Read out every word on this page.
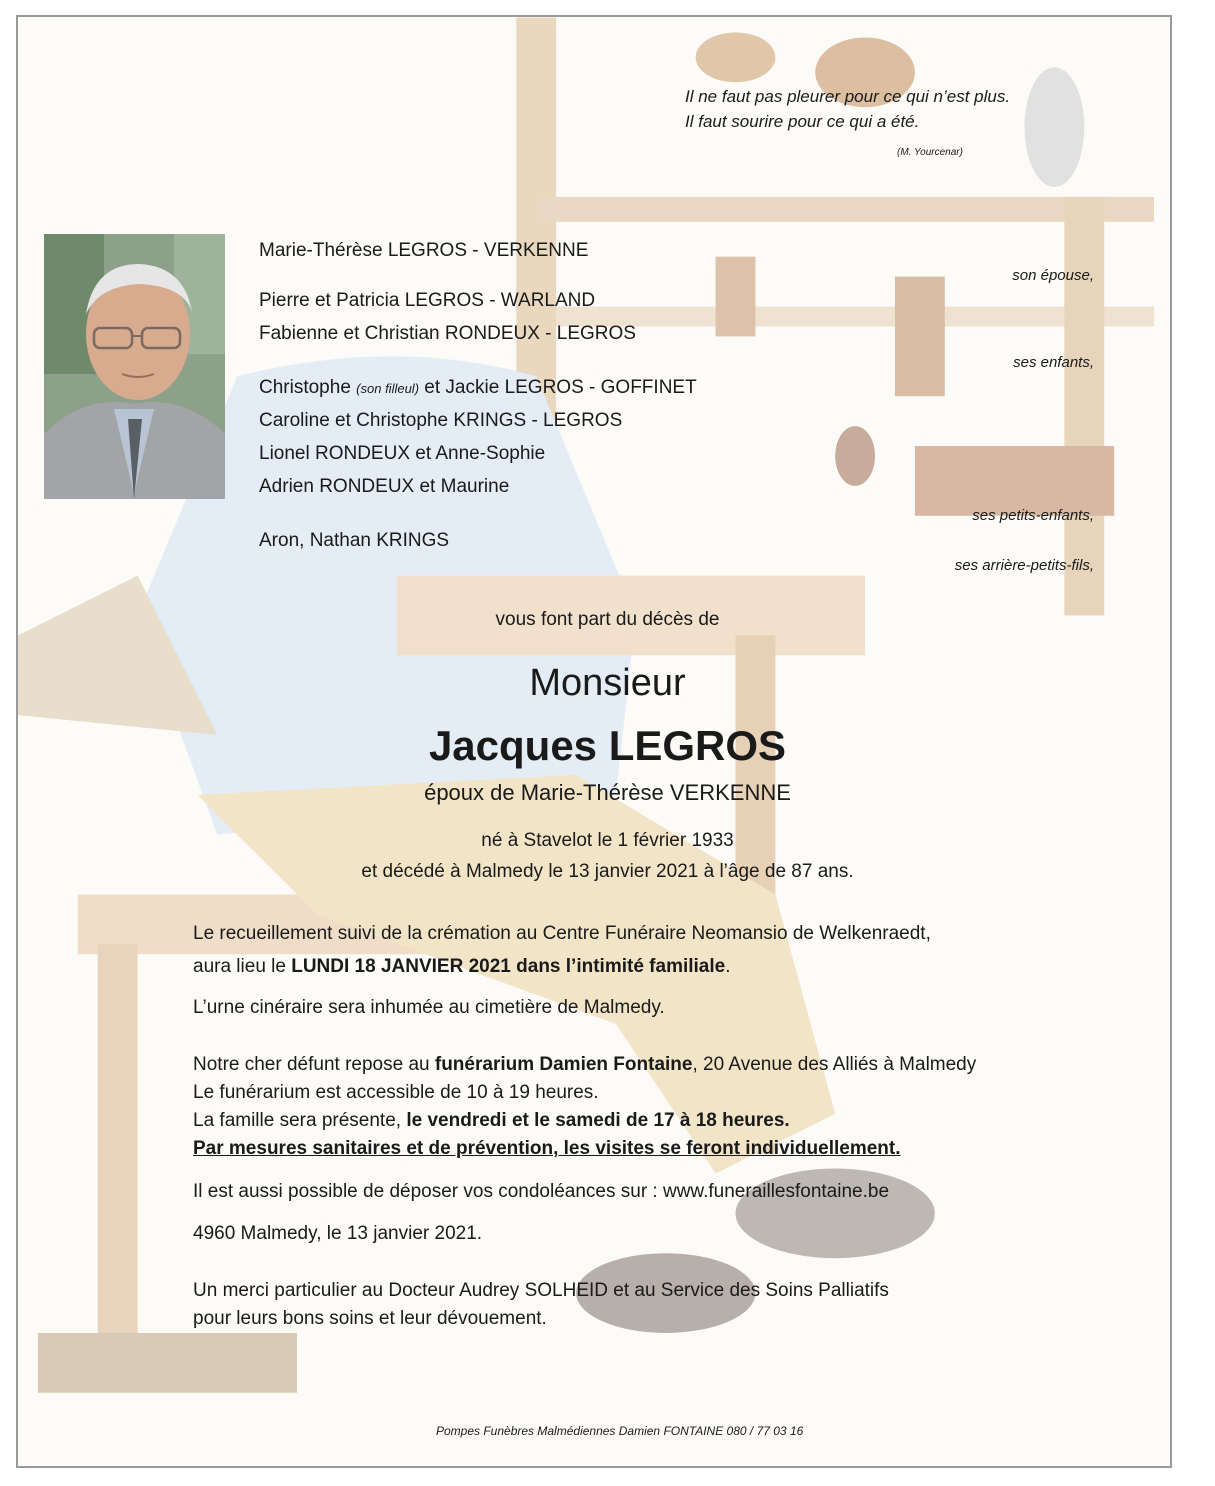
Il ne faut pas pleurer pour ce qui n’est plus.
Il faut sourire pour ce qui a été.
(M. Yourcenar)
Marie-Thérèse LEGROS - VERKENNE
son épouse,
Pierre et Patricia LEGROS - WARLAND
Fabienne et Christian RONDEUX - LEGROS
ses enfants,
Christophe (son filleul) et Jackie LEGROS - GOFFINET
Caroline et Christophe KRINGS - LEGROS
Lionel RONDEUX et Anne-Sophie
Adrien RONDEUX et Maurine
ses petits-enfants,
Aron, Nathan KRINGS
ses arrière-petits-fils,
vous font part du décès de
Monsieur
Jacques LEGROS
époux de Marie-Thérèse VERKENNE
né à Stavelot le 1 février 1933
et décédé à Malmedy le 13 janvier 2021 à l’âge de 87 ans.
Le recueillement suivi de la crémation au Centre Funéraire Neomansio de Welkenraedt,
aura lieu le LUNDI 18 JANVIER 2021 dans l’intimité familiale.
L’urne cinéraire sera inhumée au cimetière de Malmedy.
Notre cher défunt repose au funérarium Damien Fontaine, 20 Avenue des Alliés à Malmedy
Le funérarium est accessible de 10 à 19 heures.
La famille sera présente, le vendredi et le samedi de 17 à 18 heures.
Par mesures sanitaires et de prévention, les visites se feront individuellement.
Il est aussi possible de déposer vos condoléances sur : www.funeraillesfontaine.be
4960 Malmedy, le 13 janvier 2021.
Un merci particulier au Docteur Audrey SOLHEID et au Service des Soins Palliatifs
pour leurs bons soins et leur dévouement.
Pompes Funèbres Malmédiennes Damien FONTAINE 080 / 77 03 16
